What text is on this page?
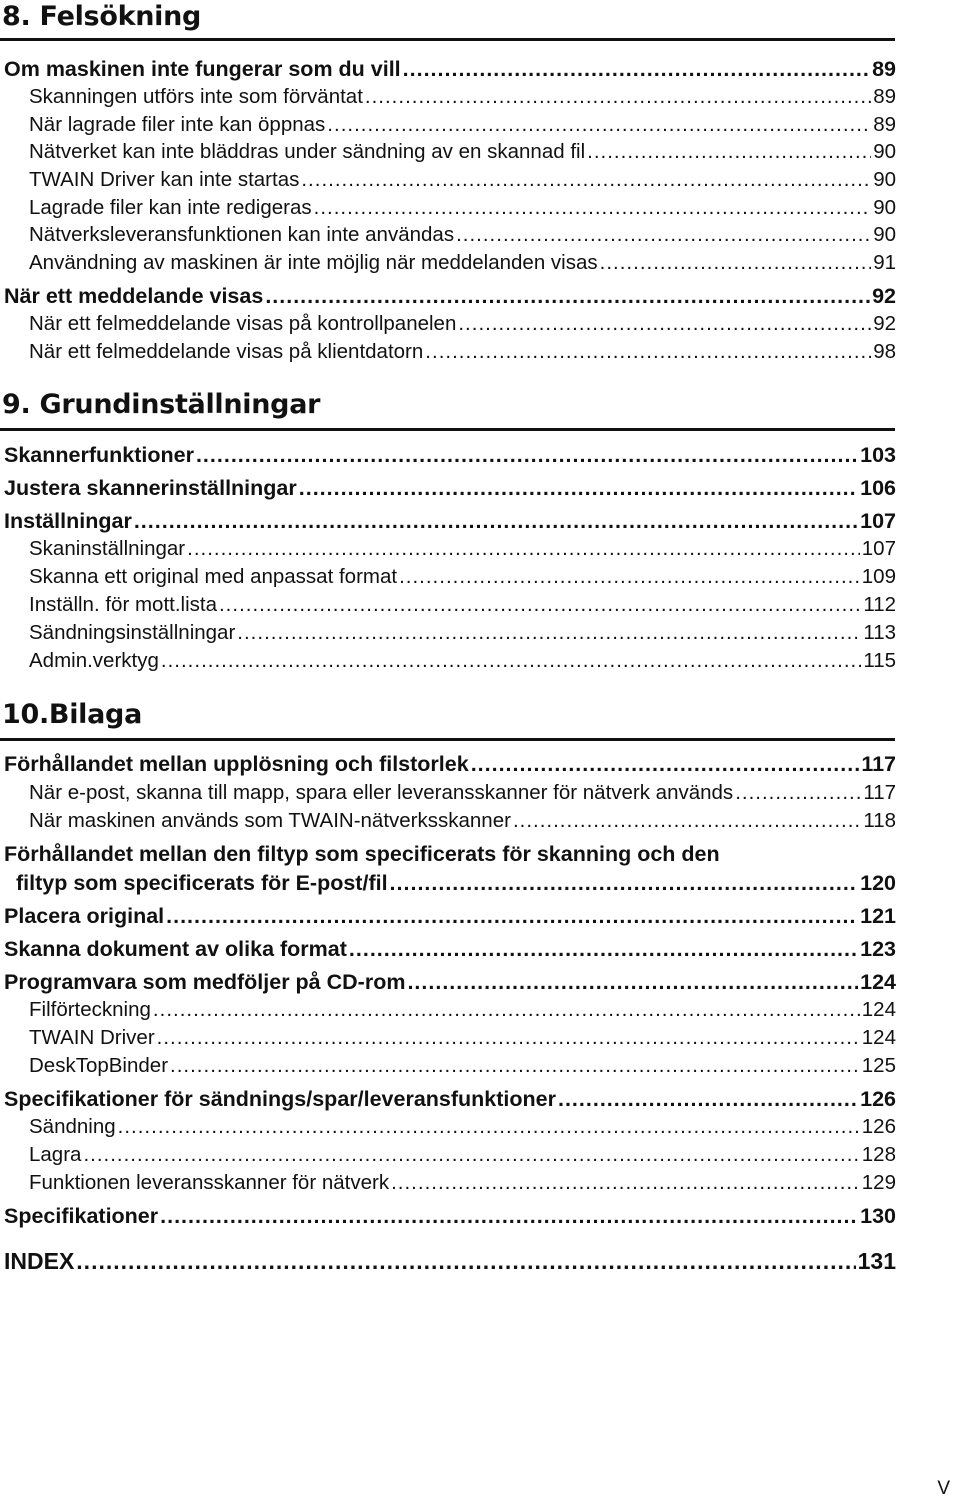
8. Felsökning
Om maskinen inte fungerar som du vill .....	89
Skanningen utförs inte som förväntat .....	89
När lagrade filer inte kan öppnas .....	89
Nätverket kan inte bläddras under sändning av en skannad fil .....	90
TWAIN Driver kan inte startas .....	90
Lagrade filer kan inte redigeras .....	90
Nätverksleveransfunktionen kan inte användas .....	90
Användning av maskinen är inte möjlig när meddelanden visas .....	91
När ett meddelande visas .....	92
När ett felmeddelande visas på kontrollpanelen .....	92
När ett felmeddelande visas på klientdatorn .....	98
9. Grundinställningar
Skannerfunktioner .....	103
Justera skannerinställningar .....	106
Inställningar .....	107
Skaninställningar .....	107
Skanna ett original med anpassat format .....	109
Inställn. för mott.lista .....	112
Sändningsinställningar .....	113
Admin.verktyg .....	115
10.Bilaga
Förhållandet mellan upplösning och filstorlek .....	117
När e-post, skanna till mapp, spara eller leveransskanner för nätverk används .....	117
När maskinen används som TWAIN-nätverksskanner .....	118
Förhållandet mellan den filtyp som specificerats för skanning och den
filtyp som specificerats för E-post/fil .....	120
Placera original .....	121
Skanna dokument av olika format .....	123
Programvara som medföljer på CD-rom .....	124
Filförteckning .....	124
TWAIN Driver .....	124
DeskTopBinder .....	125
Specifikationer för sändnings/spar/leveransfunktioner .....	126
Sändning .....	126
Lagra .....	128
Funktionen leveransskanner för nätverk .....	129
Specifikationer .....	130
INDEX .....	131
V
